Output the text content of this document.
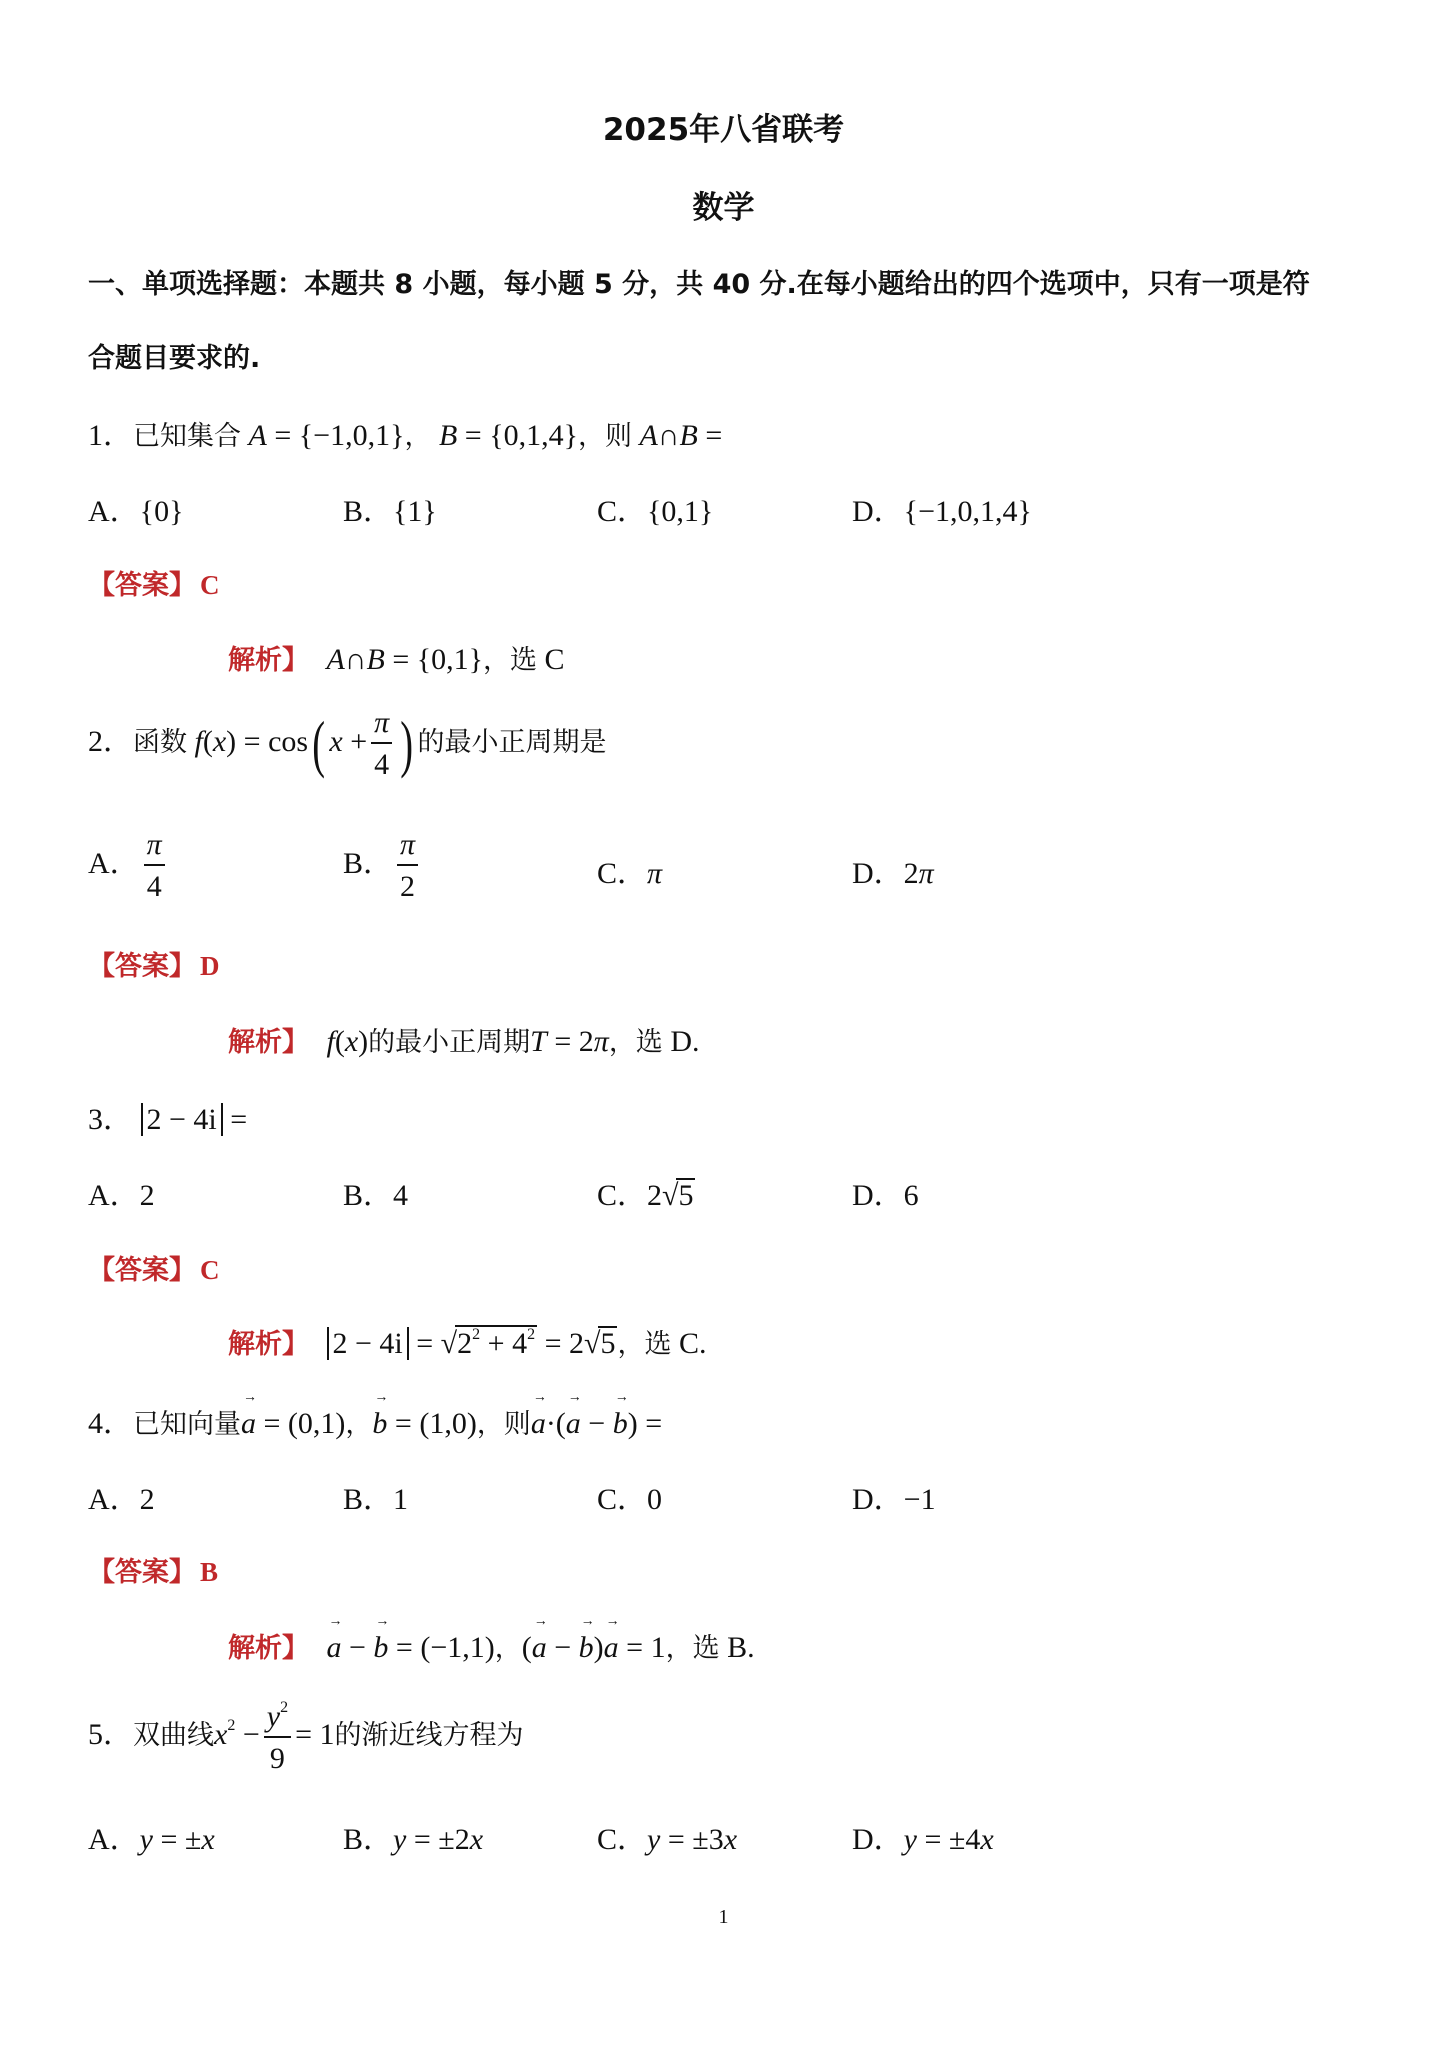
2025年八省联考
数学
一、单项选择题：本题共 8 小题，每小题 5 分，共 40 分.在每小题给出的四个选项中，只有一项是符
合题目要求的.
1．已知集合 A = {−1,0,1}， B = {0,1,4}，则 A∩B =
A．{0}	B．{1}	C．{0,1}	D．{−1,0,1,4}
【答案】 C
解析】 A∩B = {0,1}，选 C
2．函数 f(x) = cos( $x + \frac{\pi}{4}$ ) 的最小正周期是
A． $\frac{\pi}{4}$	B． $\frac{\pi}{2}$	C．π	D．2π
【答案】 D
解析】 f(x)的最小正周期T = 2π，选 D.
3． 2 − 4i =
A．2	B．4	C．2√5	D．6
【答案】 C
解析】 $2 - 4i = √2^2 + 4^2 = 2√5$，选 C.
4．已知向量→ a = (0,1)，→ b = (1,0)，则→ a·(→ a − → b) =
A．2	B．1	C．0	D．−1
【答案】 B
解析】 → a − → b = (−1,1)，(→ a − → b)→ a = 1，选 B.
5．双曲线$x^2 - \frac{y^2}{9} = 1$的渐近线方程为
A．y = ±x	B．y = ±2x	C．y = ±3x	D．y = ±4x
1
